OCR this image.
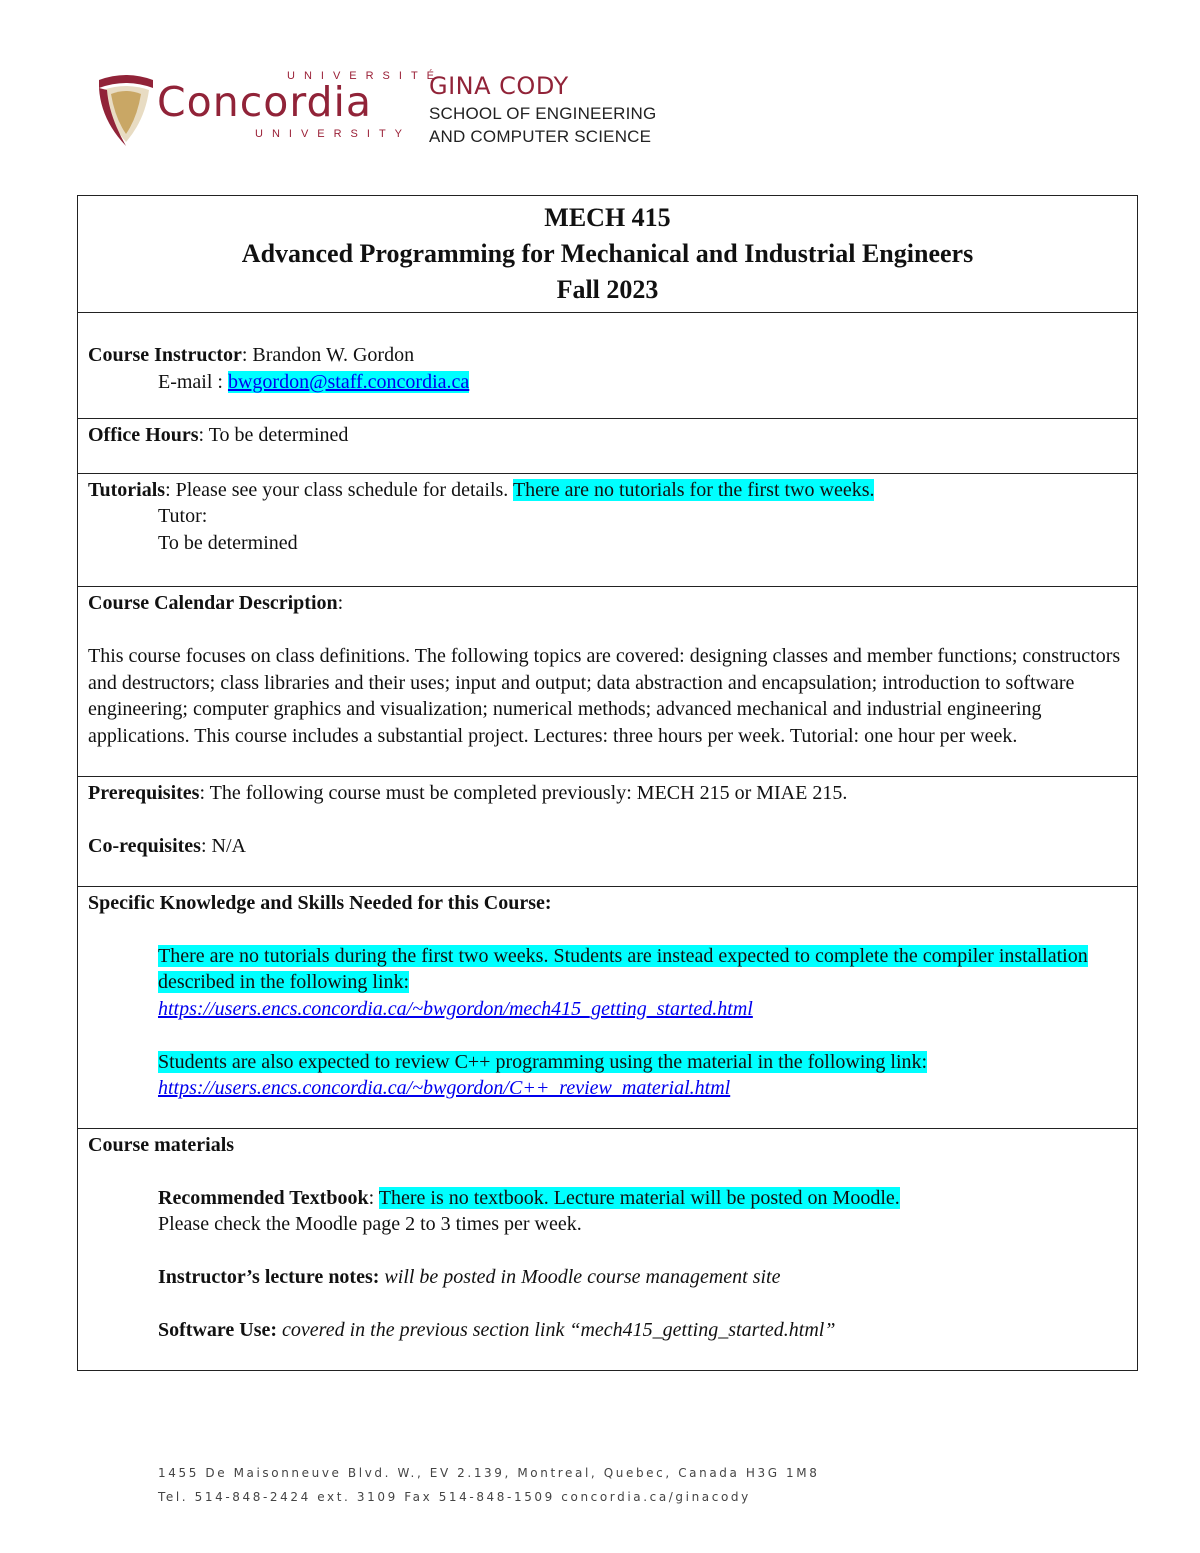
UNIVERSITÉ
Concordia
UNIVERSITY
GINA CODY
SCHOOL OF ENGINEERING
AND COMPUTER SCIENCE
MECH 415
Advanced Programming for Mechanical and Industrial Engineers
Fall 2023
Course Instructor: Brandon W. Gordon
E-mail : bwgordon@staff.concordia.ca
Office Hours: To be determined
Tutorials: Please see your class schedule for details. There are no tutorials for the first two weeks.
Tutor:
To be determined
Course Calendar Description:
This course focuses on class definitions. The following topics are covered: designing classes and member functions; constructors and destructors; class libraries and their uses; input and output; data abstraction and encapsulation; introduction to software engineering; computer graphics and visualization; numerical methods; advanced mechanical and industrial engineering applications. This course includes a substantial project. Lectures: three hours per week. Tutorial: one hour per week.
Prerequisites: The following course must be completed previously: MECH 215 or MIAE 215.
Co-requisites: N/A
Specific Knowledge and Skills Needed for this Course:
There are no tutorials during the first two weeks. Students are instead expected to complete the compiler installation described in the following link:
https://users.encs.concordia.ca/~bwgordon/mech415_getting_started.html
Students are also expected to review C++ programming using the material in the following link:
https://users.encs.concordia.ca/~bwgordon/C++_review_material.html
Course materials
Recommended Textbook: There is no textbook. Lecture material will be posted on Moodle.
Please check the Moodle page 2 to 3 times per week.
Instructor’s lecture notes: will be posted in Moodle course management site
Software Use: covered in the previous section link “mech415_getting_started.html”
1455 De Maisonneuve Blvd. W., EV 2.139, Montreal, Quebec, Canada H3G 1M8
Tel. 514-848-2424 ext. 3109 Fax 514-848-1509 concordia.ca/ginacody
